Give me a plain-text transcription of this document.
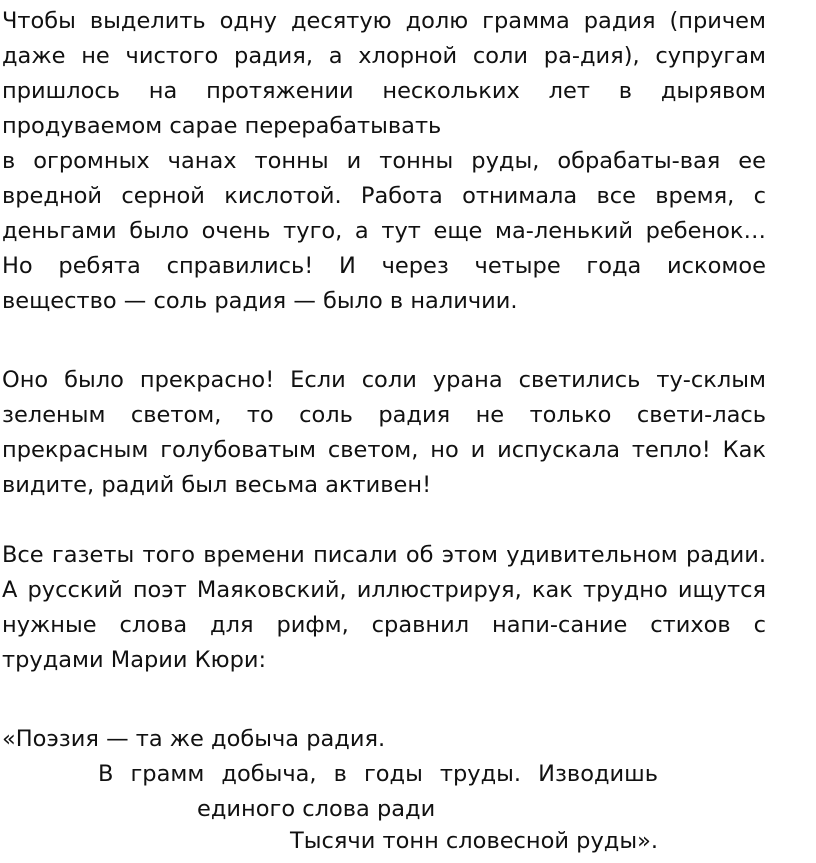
Чтобы выделить одну десятую долю грамма радия (причем
даже не чистого радия, а хлорной соли ра-дия), супругам
пришлось на протяжении нескольких лет в дырявом
продуваемом сарае перерабатывать
в огромных чанах тонны и тонны руды, обрабаты-вая ее
вредной серной кислотой. Работа отнимала все время, с
деньгами было очень туго, а тут еще ма-ленький ребенок…
Но ребята справились! И через четыре года искомое
вещество — соль радия — было в наличии.
Оно было прекрасно! Если соли урана светились ту-склым
зеленым светом, то соль радия не только свети-лась
прекрасным голубоватым светом, но и испускала тепло! Как
видите, радий был весьма активен!
Все газеты того времени писали об этом удивительном радии.
А русский поэт Маяковский, иллюстрируя, как трудно ищутся
нужные слова для рифм, сравнил напи-сание стихов с
трудами Марии Кюри:
«Поэзия — та же добыча радия.
В грамм добыча, в годы труды. Изводишь
единого слова ради
Тысячи тонн словесной руды».
